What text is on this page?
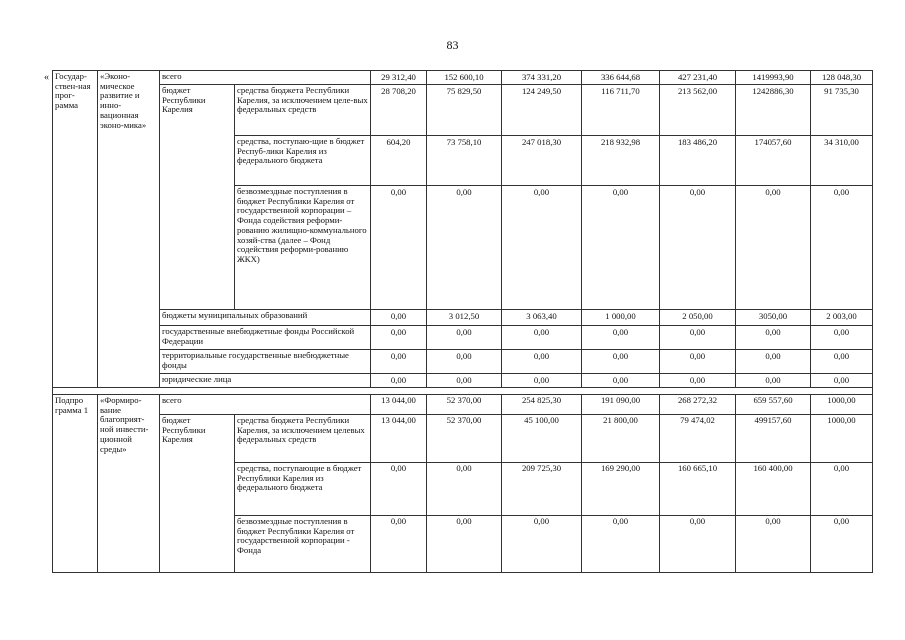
83
« Государ-ствен-ная прог-рамма	«Эконо-мическое развитие и инно-вационная эконо-мика»	всего		29 312,40	152 600,10	374 331,20	336 644,68	427 231,40	1419993,90	128 048,30
		бюджет Республики Карелия	средства бюджета Республики Карелия, за исключением целе-вых федеральных средств	28 708,20	75 829,50	124 249,50	116 711,70	213 562,00	1242886,30	91 735,30
			средства, поступаю-щие в бюджет Респуб-лики Карелия из федерального бюджета	604,20	73 758,10	247 018,30	218 932,98	183 486,20	174057,60	34 310,00
			безвозмездные поступления в бюджет Республики Карелия от государственной корпорации – Фонда содействия реформи-рованию жилищно-коммунального хозяй-ства (далее – Фонд содействия реформи-рованию ЖКХ)	0,00	0,00	0,00	0,00	0,00	0,00	0,00
		бюджеты муниципальных образований		0,00	3 012,50	3 063,40	1 000,00	2 050,00	3050,00	2 003,00
		государственные внебюджетные фонды Российской Федерации		0,00	0,00	0,00	0,00	0,00	0,00	0,00
		территориальные государственные внебюджетные фонды		0,00	0,00	0,00	0,00	0,00	0,00	0,00
		юридические лица		0,00	0,00	0,00	0,00	0,00	0,00	0,00

Подпро грамма 1	«Формиро-вание благоприят-ной инвести-ционной среды»	всего		13 044,00	52 370,00	254 825,30	191 090,00	268 272,32	659 557,60	1000,00
		бюджет Республики Карелия	средства бюджета Республики Карелия, за исключением целевых федеральных средств	13 044,00	52 370,00	45 100,00	21 800,00	79 474,02	499157,60	1000,00
			средства, поступающие в бюджет Республики Карелия из федерального бюджета	0,00	0,00	209 725,30	169 290,00	160 665,10	160 400,00	0,00
			безвозмездные поступления в бюджет Республики Карелия от государственной корпорации - Фонда	0,00	0,00	0,00	0,00	0,00	0,00	0,00
